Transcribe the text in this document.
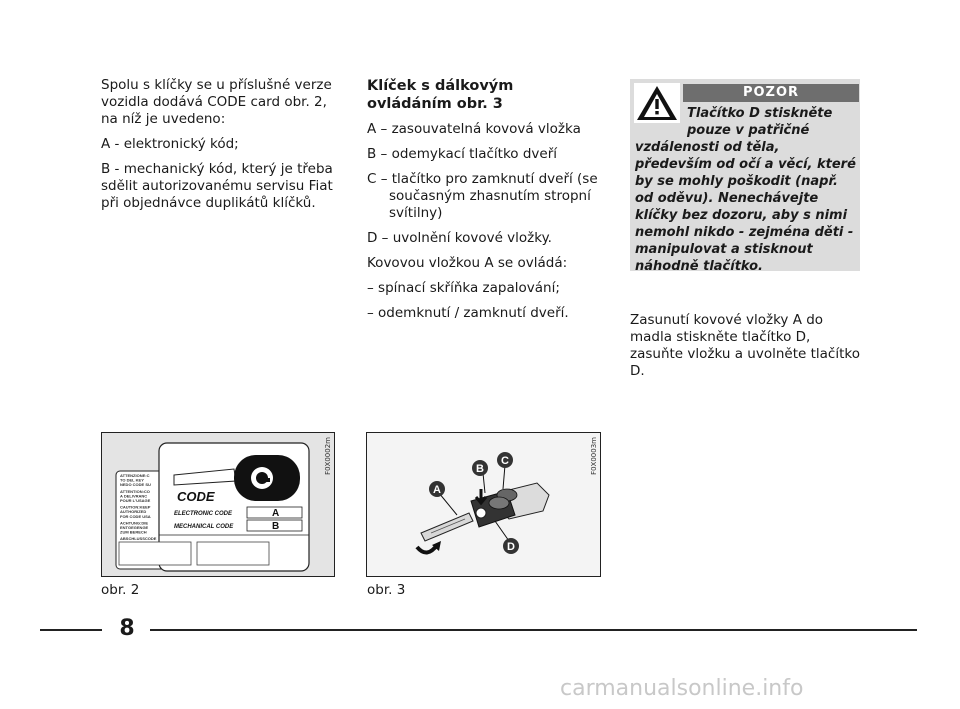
Spolu s klíčky se u příslušné verze vozidla dodává CODE card obr. 2, na níž je uvedeno:

A - elektronický kód;

B - mechanický kód, který je třeba sdělit autorizovanému servisu Fiat při objednávce duplikátů klíčků.

Klíček s dálkovým ovládáním obr. 3

A – zasouvatelná kovová vložka

B – odemykací tlačítko dveří

C – tlačítko pro zamknutí dveří (se současným zhasnutím stropní svítilny)

D – uvolnění kovové vložky.

Kovovou vložkou A se ovládá:

– spínací skříňka zapalování;

– odemknutí / zamknutí dveří.

POZOR
Tlačítko D stiskněte
pouze v patřičné
vzdálenosti od těla, především od očí a věcí, které by se mohly poškodit (např. od oděvu). Nenechávejte klíčky bez dozoru, aby s nimi nemohl nikdo - zejména děti - manipulovat a stisknout náhodně tlačítko.
Zasunutí kovové vložky A do madla stiskněte tlačítko D, zasuňte vložku a uvolněte tlačítko D.
CODE
ELECTRONIC CODE
MECHANICAL CODE
A
B
ATTENZIONE:C
TO DEL KEY
NEDO CODE SU
ATTENTION:CO
A DELIVRANC
POUR L'USAGE
CAUTION:KEEP
AUTHORIZED
FOR CODE USA
ACHTUNG:DIE
ENTGEGENGE
ZUM BERECH
ABSCHLUSSCODE
F0X0002m
obr. 2
A
B
C
D
F0X0003m
obr. 3
8
carmanualsonline.info
